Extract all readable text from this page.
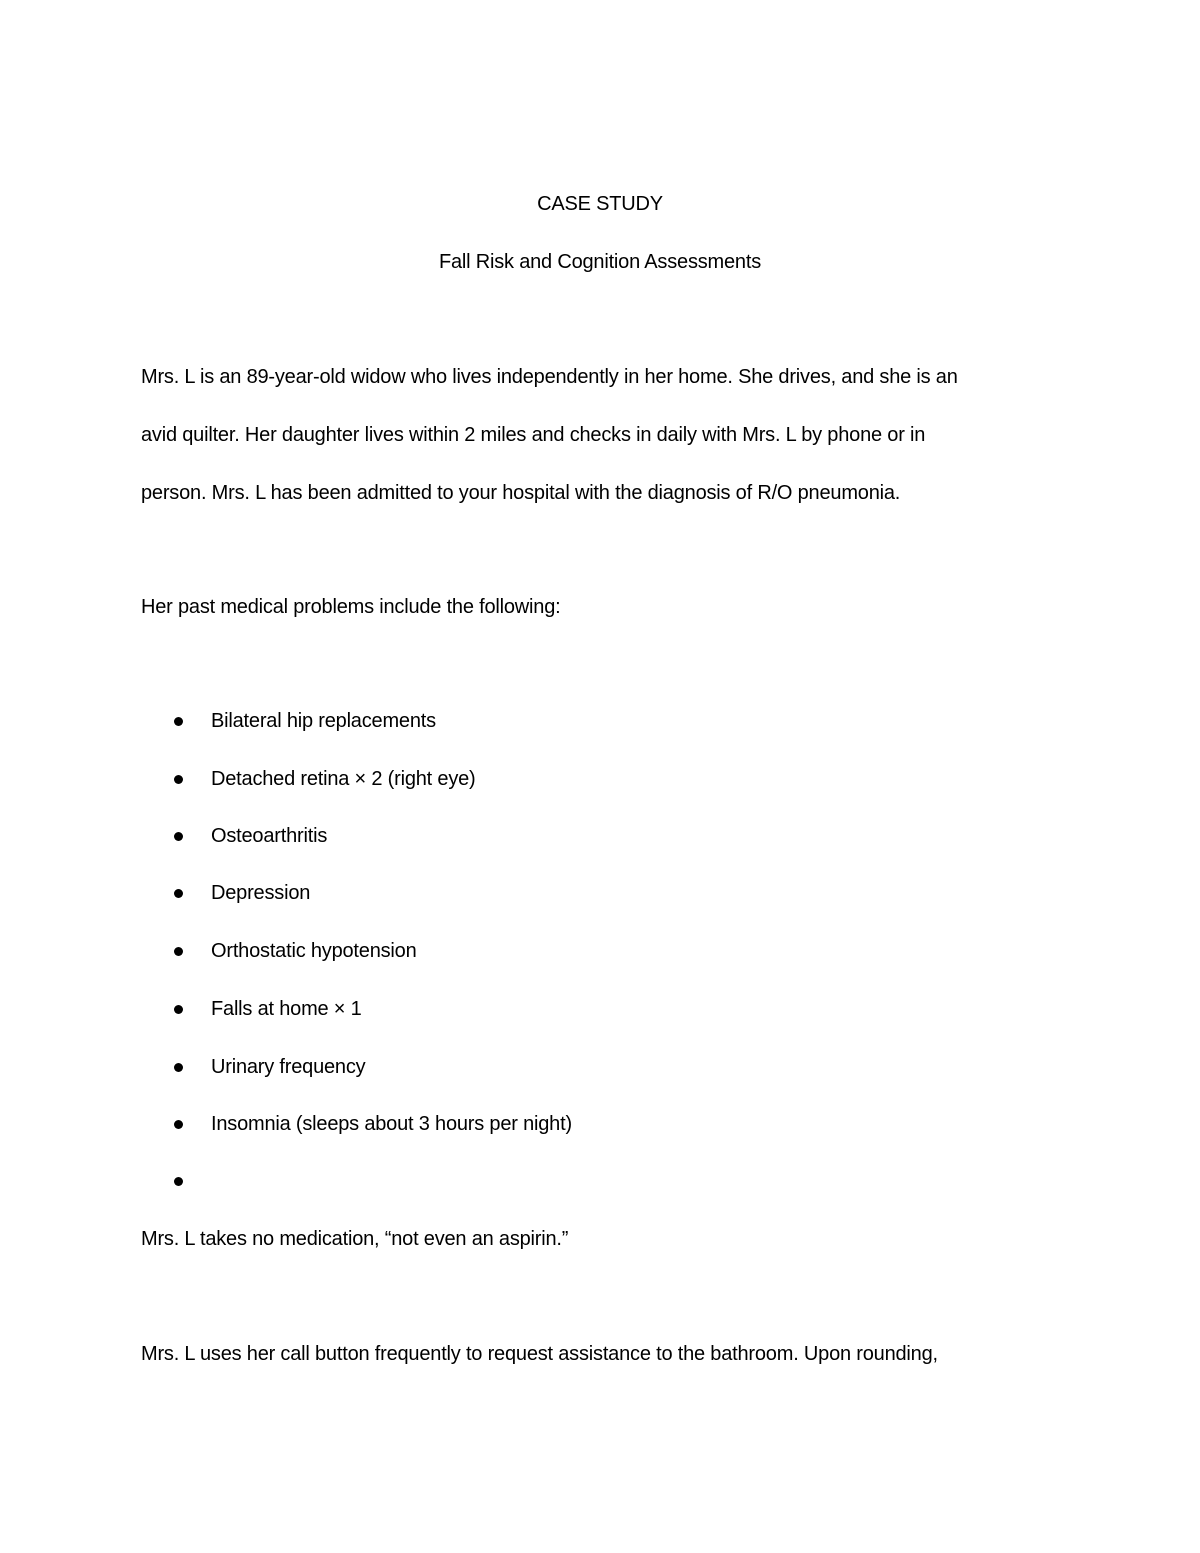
CASE STUDY
Fall Risk and Cognition Assessments
Mrs. L is an 89-year-old widow who lives independently in her home. She drives, and she is an
avid quilter. Her daughter lives within 2 miles and checks in daily with Mrs. L by phone or in
person. Mrs. L has been admitted to your hospital with the diagnosis of R/O pneumonia.
Her past medical problems include the following:
Bilateral hip replacements
Detached retina × 2 (right eye)
Osteoarthritis
Depression
Orthostatic hypotension
Falls at home × 1
Urinary frequency
Insomnia (sleeps about 3 hours per night)
Mrs. L takes no medication, “not even an aspirin.”
Mrs. L uses her call button frequently to request assistance to the bathroom. Upon rounding,
